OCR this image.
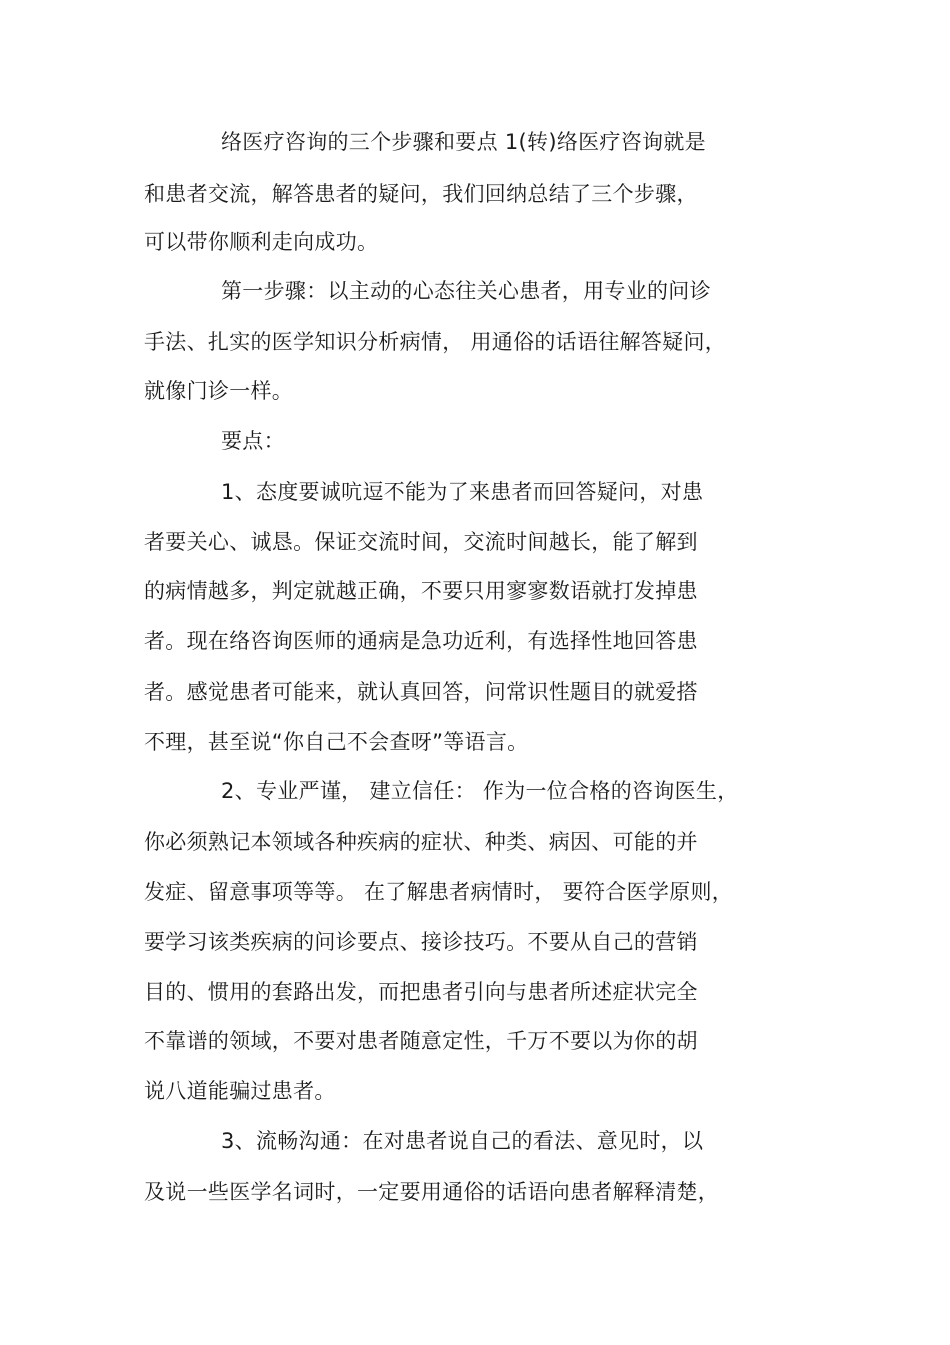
络医疗咨询的三个步骤和要点 1(转)络医疗咨询就是
和患者交流，解答患者的疑问，我们回纳总结了三个步骤，
可以带你顺利走向成功。
第一步骤：以主动的心态往关心患者，用专业的问诊
手法、扎实的医学知识分析病情， 用通俗的话语往解答疑问，
就像门诊一样。
要点：
1、态度要诚吭逗不能为了来患者而回答疑问，对患
者要关心、诚恳。保证交流时间，交流时间越长，能了解到
的病情越多，判定就越正确，不要只用寥寥数语就打发掉患
者。现在络咨询医师的通病是急功近利，有选择性地回答患
者。感觉患者可能来，就认真回答，问常识性题目的就爱搭
不理，甚至说“你自己不会查呀”等语言。
2、专业严谨， 建立信任： 作为一位合格的咨询医生，
你必须熟记本领域各种疾病的症状、种类、病因、可能的并
发症、留意事项等等。 在了解患者病情时， 要符合医学原则，
要学习该类疾病的问诊要点、接诊技巧。不要从自己的营销
目的、惯用的套路出发，而把患者引向与患者所述症状完全
不靠谱的领域，不要对患者随意定性，千万不要以为你的胡
说八道能骗过患者。
3、流畅沟通：在对患者说自己的看法、意见时，以
及说一些医学名词时，一定要用通俗的话语向患者解释清楚，
